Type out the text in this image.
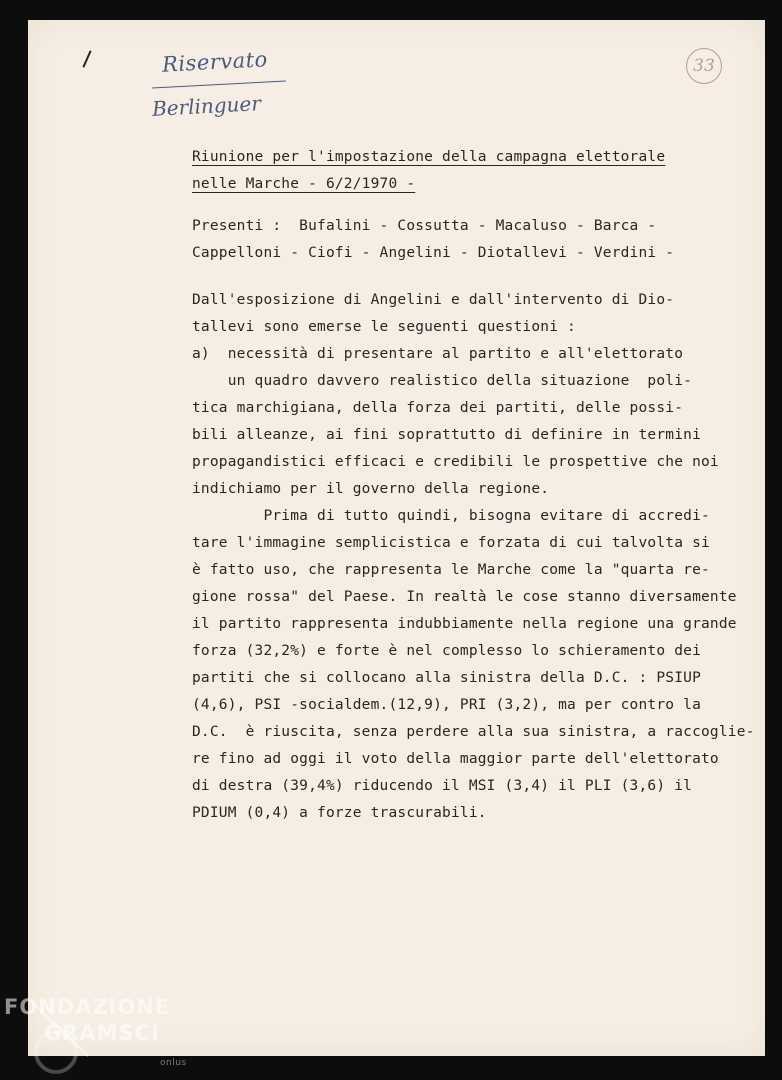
Riservato
Berlinguer
33
Riunione per l'impostazione della campagna elettorale
nelle Marche - 6/2/1970 -
Presenti :  Bufalini - Cossutta - Macaluso - Barca -
Cappelloni - Ciofi - Angelini - Diotallevi - Verdini -
Dall'esposizione di Angelini e dall'intervento di Dio-
tallevi sono emerse le seguenti questioni :
a)  necessità di presentare al partito e all'elettorato
un quadro davvero realistico della situazione  poli-
tica marchigiana, della forza dei partiti, delle possi-
bili alleanze, ai fini soprattutto di definire in termini
propagandistici efficaci e credibili le prospettive che noi
indichiamo per il governo della regione.
Prima di tutto quindi, bisogna evitare di accredi-
tare l'immagine semplicistica e forzata di cui talvolta si
è fatto uso, che rappresenta le Marche come la "quarta re-
gione rossa" del Paese. In realtà le cose stanno diversamente
il partito rappresenta indubbiamente nella regione una grande
forza (32,2%) e forte è nel complesso lo schieramento dei
partiti che si collocano alla sinistra della D.C. : PSIUP
(4,6), PSI -socialdem.(12,9), PRI (3,2), ma per contro la
D.C.  è riuscita, senza perdere alla sua sinistra, a raccoglie-
re fino ad oggi il voto della maggior parte dell'elettorato
di destra (39,4%) riducendo il MSI (3,4) il PLI (3,6) il
PDIUM (0,4) a forze trascurabili.
FONDAZIONE
GRAMSCI
onlus
